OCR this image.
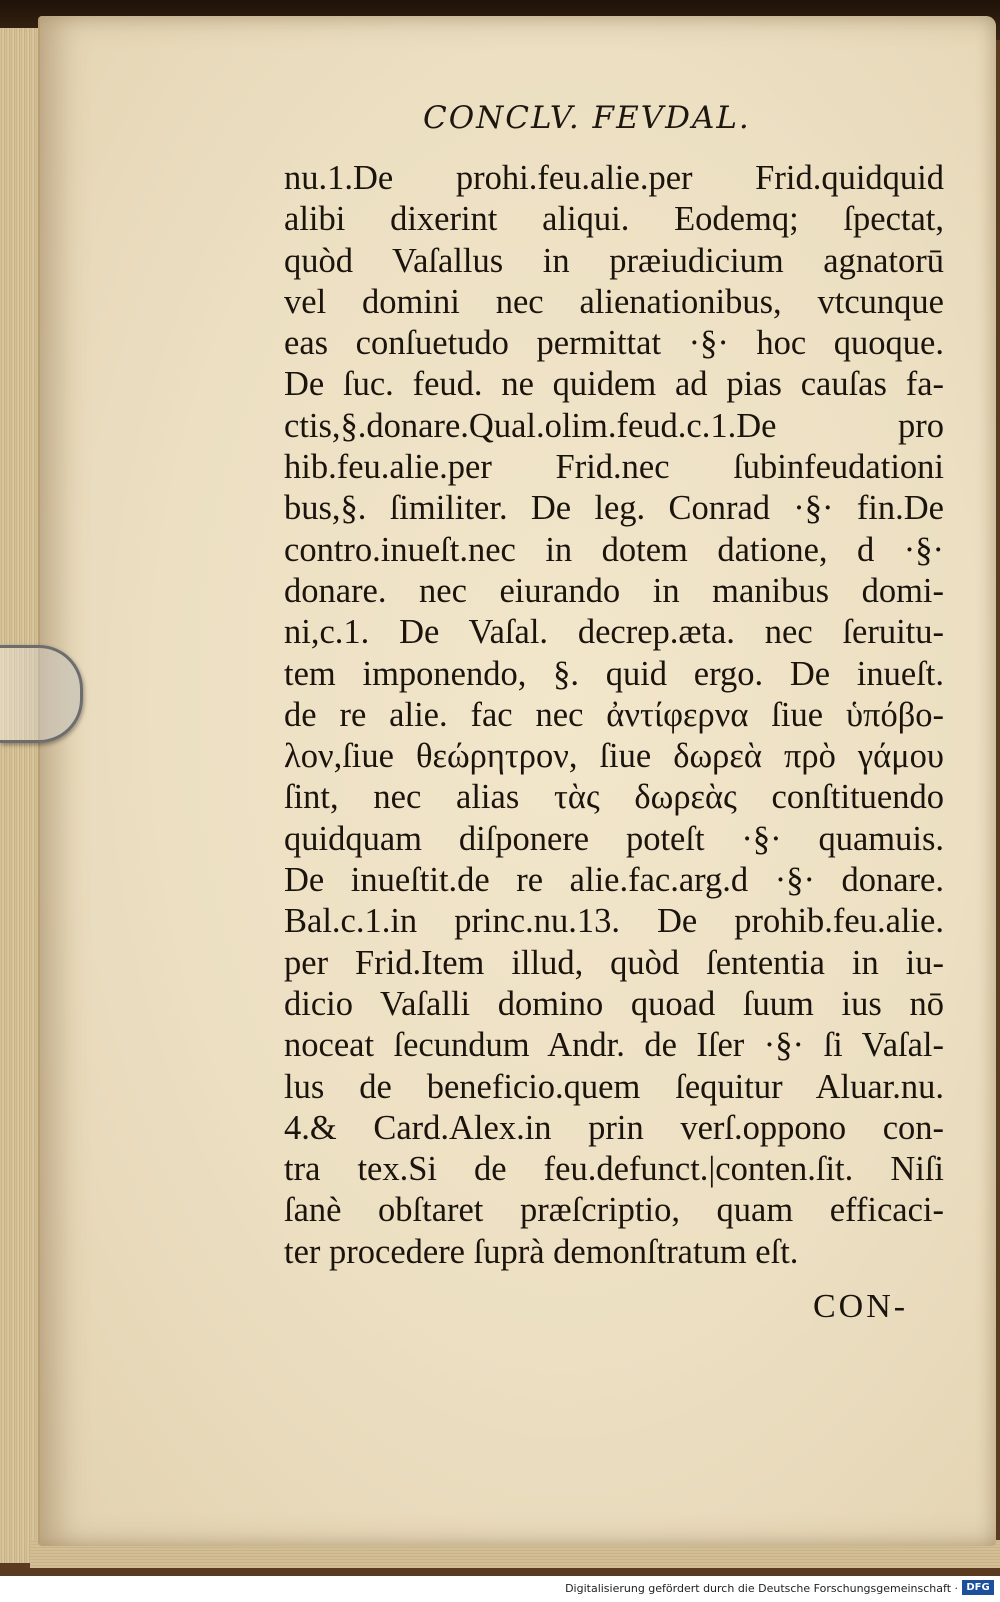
CONCLV. FEVDAL.
nu.1.De prohi.feu.alie.per Frid.quidquid
alibi dixerint aliqui. Eodemq; ſpectat,
quòd Vaſallus in præiudicium agnatorū
vel domini nec alienationibus, vtcunque
eas conſuetudo permittat ·§· hoc quoque.
De ſuc. feud. ne quidem ad pias cauſas fa-
ctis,§.donare.Qual.olim.feud.c.1.De pro
hib.feu.alie.per Frid.nec ſubinfeudationi
bus,§. ſimiliter. De leg. Conrad ·§· fin.De
contro.inueſt.nec in dotem datione, d ·§·
donare. nec eiurando in manibus domi-
ni,c.1. De Vaſal. decrep.æta. nec ſeruitu-
tem imponendo, §. quid ergo. De inueſt.
de re alie. fac nec ἀντίφερνα ſiue ὑπόβο-
λον,ſiue θεώρητρον, ſiue δωρεὰ πρὸ γάμου
ſint, nec alias τὰς δωρεὰς conſtituendo
quidquam diſponere poteſt ·§· quamuis.
De inueſtit.de re alie.fac.arg.d ·§· donare.
Bal.c.1.in princ.nu.13. De prohib.feu.alie.
per Frid.Item illud, quòd ſententia in iu-
dicio Vaſalli domino quoad ſuum ius nō
noceat ſecundum Andr. de Iſer ·§· ſi Vaſal-
lus de beneficio.quem ſequitur Aluar.nu.
4.& Card.Alex.in prin verſ.oppono con-
tra tex.Si de feu.defunct.|conten.ſit. Niſi
ſanè obſtaret præſcriptio, quam efficaci-
ter procedere ſuprà demonſtratum eſt.

CON-
Digitalisierung gefördert durch die Deutsche Forschungsgemeinschaft · DFG
